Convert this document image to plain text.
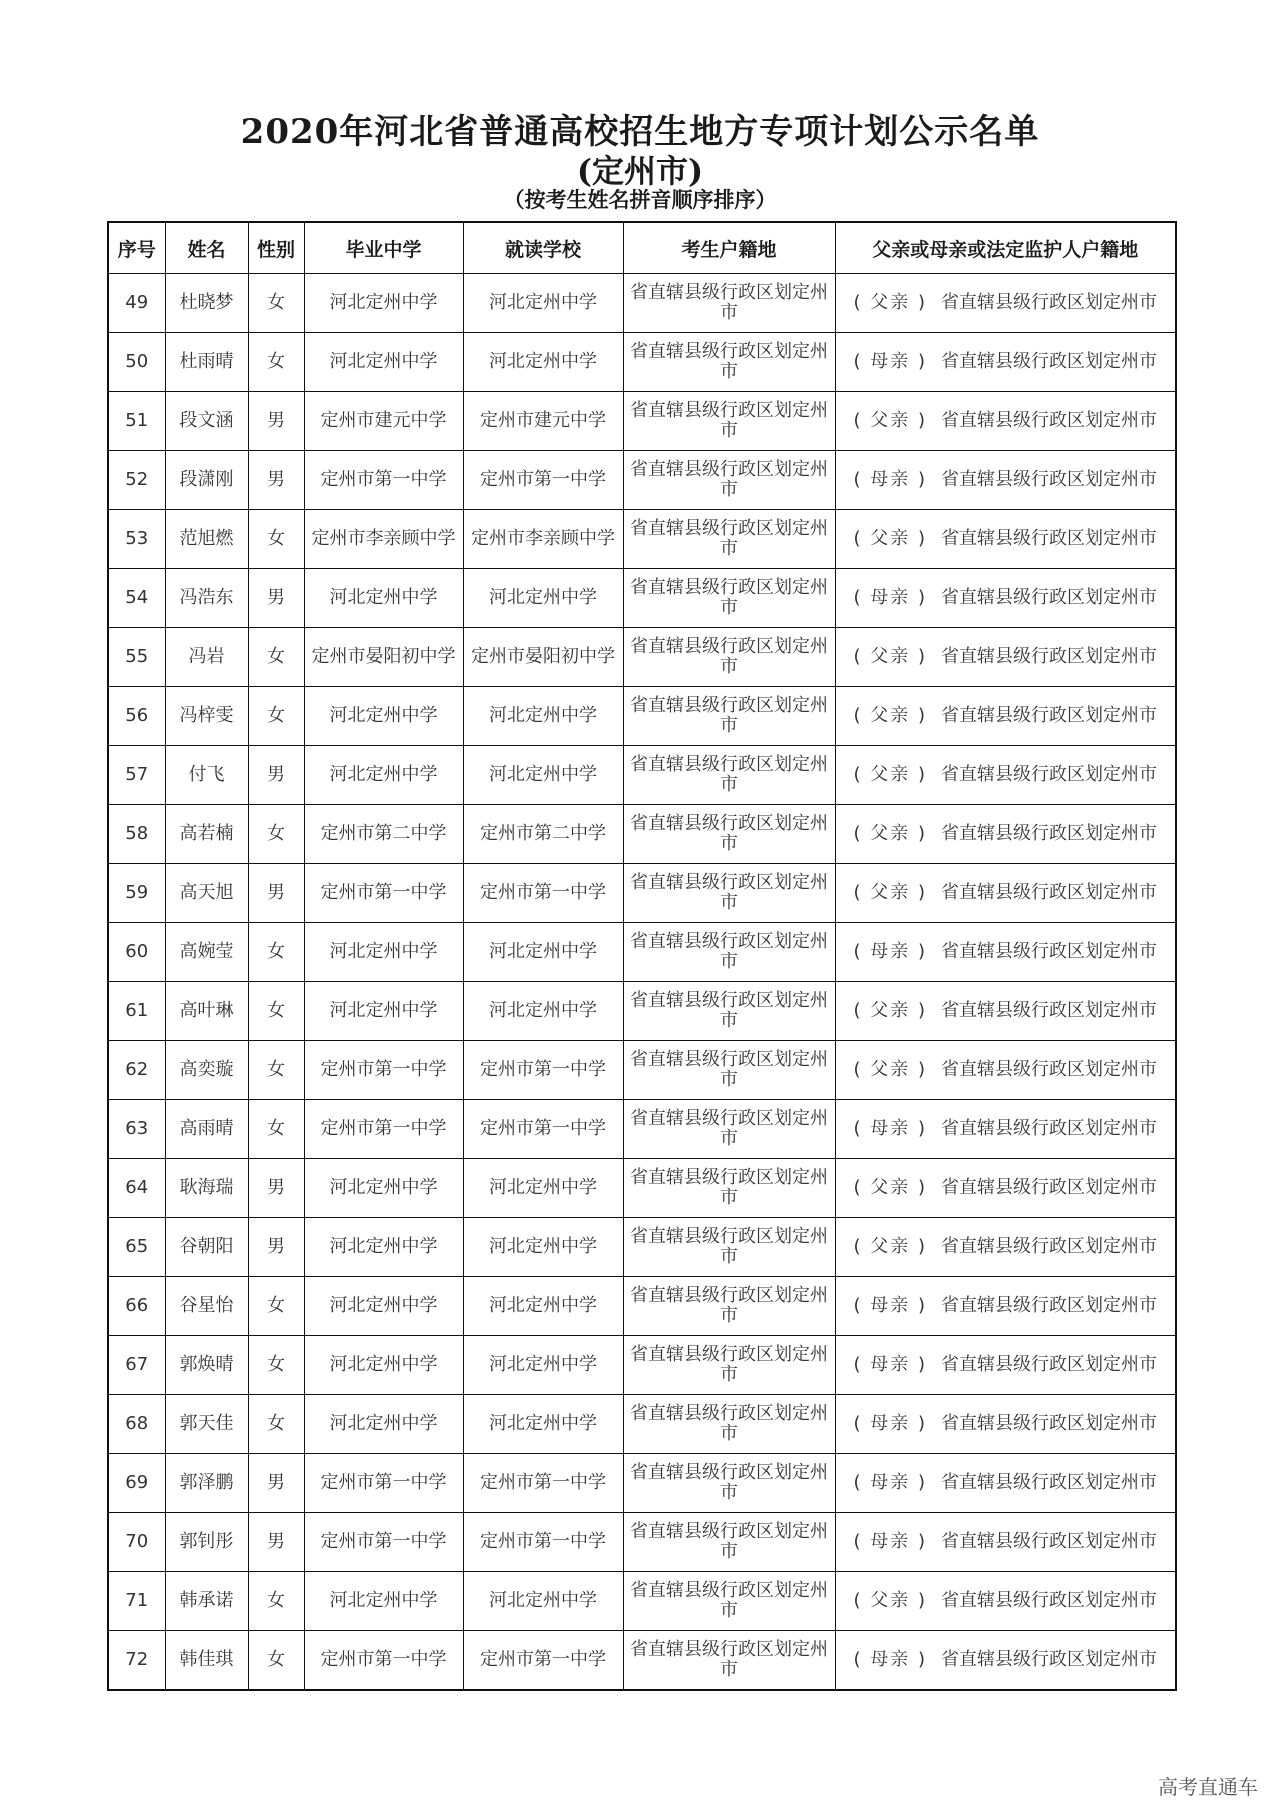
2020年河北省普通高校招生地方专项计划公示名单
(定州市)
（按考生姓名拼音顺序排序）
序号	姓名	性别	毕业中学	就读学校	考生户籍地	父亲或母亲或法定监护人户籍地
49	杜晓梦	女	河北定州中学	河北定州中学	省直辖县级行政区划定州市	( 父亲 ) 省直辖县级行政区划定州市
50	杜雨晴	女	河北定州中学	河北定州中学	省直辖县级行政区划定州市	( 母亲 ) 省直辖县级行政区划定州市
51	段文涵	男	定州市建元中学	定州市建元中学	省直辖县级行政区划定州市	( 父亲 ) 省直辖县级行政区划定州市
52	段潇刚	男	定州市第一中学	定州市第一中学	省直辖县级行政区划定州市	( 母亲 ) 省直辖县级行政区划定州市
53	范旭燃	女	定州市李亲顾中学	定州市李亲顾中学	省直辖县级行政区划定州市	( 父亲 ) 省直辖县级行政区划定州市
54	冯浩东	男	河北定州中学	河北定州中学	省直辖县级行政区划定州市	( 母亲 ) 省直辖县级行政区划定州市
55	冯岩	女	定州市晏阳初中学	定州市晏阳初中学	省直辖县级行政区划定州市	( 父亲 ) 省直辖县级行政区划定州市
56	冯梓雯	女	河北定州中学	河北定州中学	省直辖县级行政区划定州市	( 父亲 ) 省直辖县级行政区划定州市
57	付飞	男	河北定州中学	河北定州中学	省直辖县级行政区划定州市	( 父亲 ) 省直辖县级行政区划定州市
58	高若楠	女	定州市第二中学	定州市第二中学	省直辖县级行政区划定州市	( 父亲 ) 省直辖县级行政区划定州市
59	高天旭	男	定州市第一中学	定州市第一中学	省直辖县级行政区划定州市	( 父亲 ) 省直辖县级行政区划定州市
60	高婉莹	女	河北定州中学	河北定州中学	省直辖县级行政区划定州市	( 母亲 ) 省直辖县级行政区划定州市
61	高叶琳	女	河北定州中学	河北定州中学	省直辖县级行政区划定州市	( 父亲 ) 省直辖县级行政区划定州市
62	高奕璇	女	定州市第一中学	定州市第一中学	省直辖县级行政区划定州市	( 父亲 ) 省直辖县级行政区划定州市
63	高雨晴	女	定州市第一中学	定州市第一中学	省直辖县级行政区划定州市	( 母亲 ) 省直辖县级行政区划定州市
64	耿海瑞	男	河北定州中学	河北定州中学	省直辖县级行政区划定州市	( 父亲 ) 省直辖县级行政区划定州市
65	谷朝阳	男	河北定州中学	河北定州中学	省直辖县级行政区划定州市	( 父亲 ) 省直辖县级行政区划定州市
66	谷星怡	女	河北定州中学	河北定州中学	省直辖县级行政区划定州市	( 母亲 ) 省直辖县级行政区划定州市
67	郭焕晴	女	河北定州中学	河北定州中学	省直辖县级行政区划定州市	( 母亲 ) 省直辖县级行政区划定州市
68	郭天佳	女	河北定州中学	河北定州中学	省直辖县级行政区划定州市	( 母亲 ) 省直辖县级行政区划定州市
69	郭泽鹏	男	定州市第一中学	定州市第一中学	省直辖县级行政区划定州市	( 母亲 ) 省直辖县级行政区划定州市
70	郭钊彤	男	定州市第一中学	定州市第一中学	省直辖县级行政区划定州市	( 母亲 ) 省直辖县级行政区划定州市
71	韩承诺	女	河北定州中学	河北定州中学	省直辖县级行政区划定州市	( 父亲 ) 省直辖县级行政区划定州市
72	韩佳琪	女	定州市第一中学	定州市第一中学	省直辖县级行政区划定州市	( 母亲 ) 省直辖县级行政区划定州市
高考直通车
